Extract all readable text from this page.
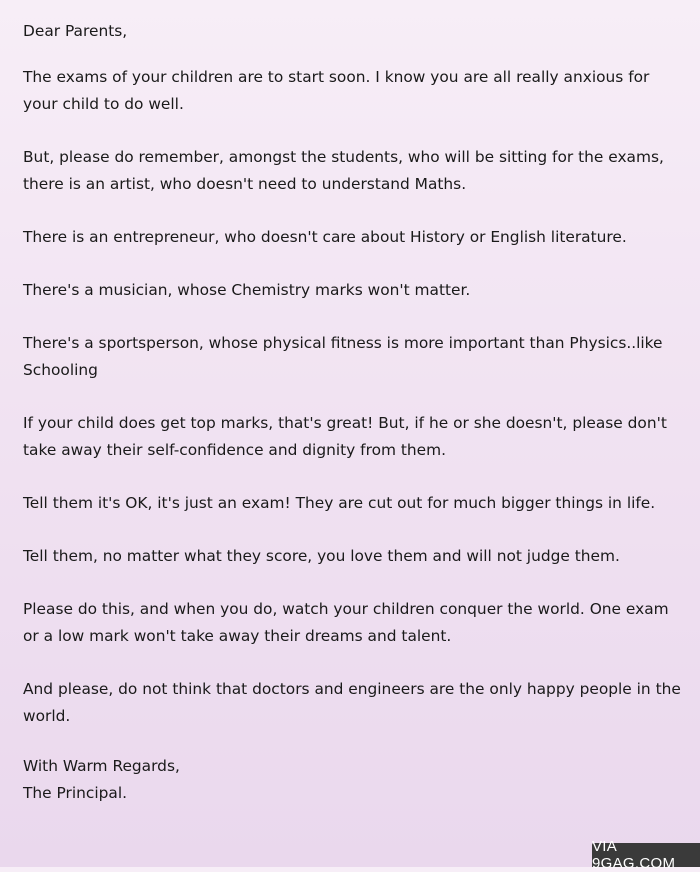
Dear Parents,

The exams of your children are to start soon. I know you are all really anxious for your child to do well.

But, please do remember, amongst the students, who will be sitting for the exams, there is an artist, who doesn't need to understand Maths.

There is an entrepreneur, who doesn't care about History or English literature.

There's a musician, whose Chemistry marks won't matter.

There's a sportsperson, whose physical fitness is more important than Physics..like Schooling

If your child does get top marks, that's great! But, if he or she doesn't, please don't take away their self-confidence and dignity from them.

Tell them it's OK, it's just an exam! They are cut out for much bigger things in life.

Tell them, no matter what they score, you love them and will not judge them.

Please do this, and when you do, watch your children conquer the world. One exam or a low mark won't take away their dreams and talent.

And please, do not think that doctors and engineers are the only happy people in the world.

With Warm Regards,
The Principal.
VIA 9GAG.COM
